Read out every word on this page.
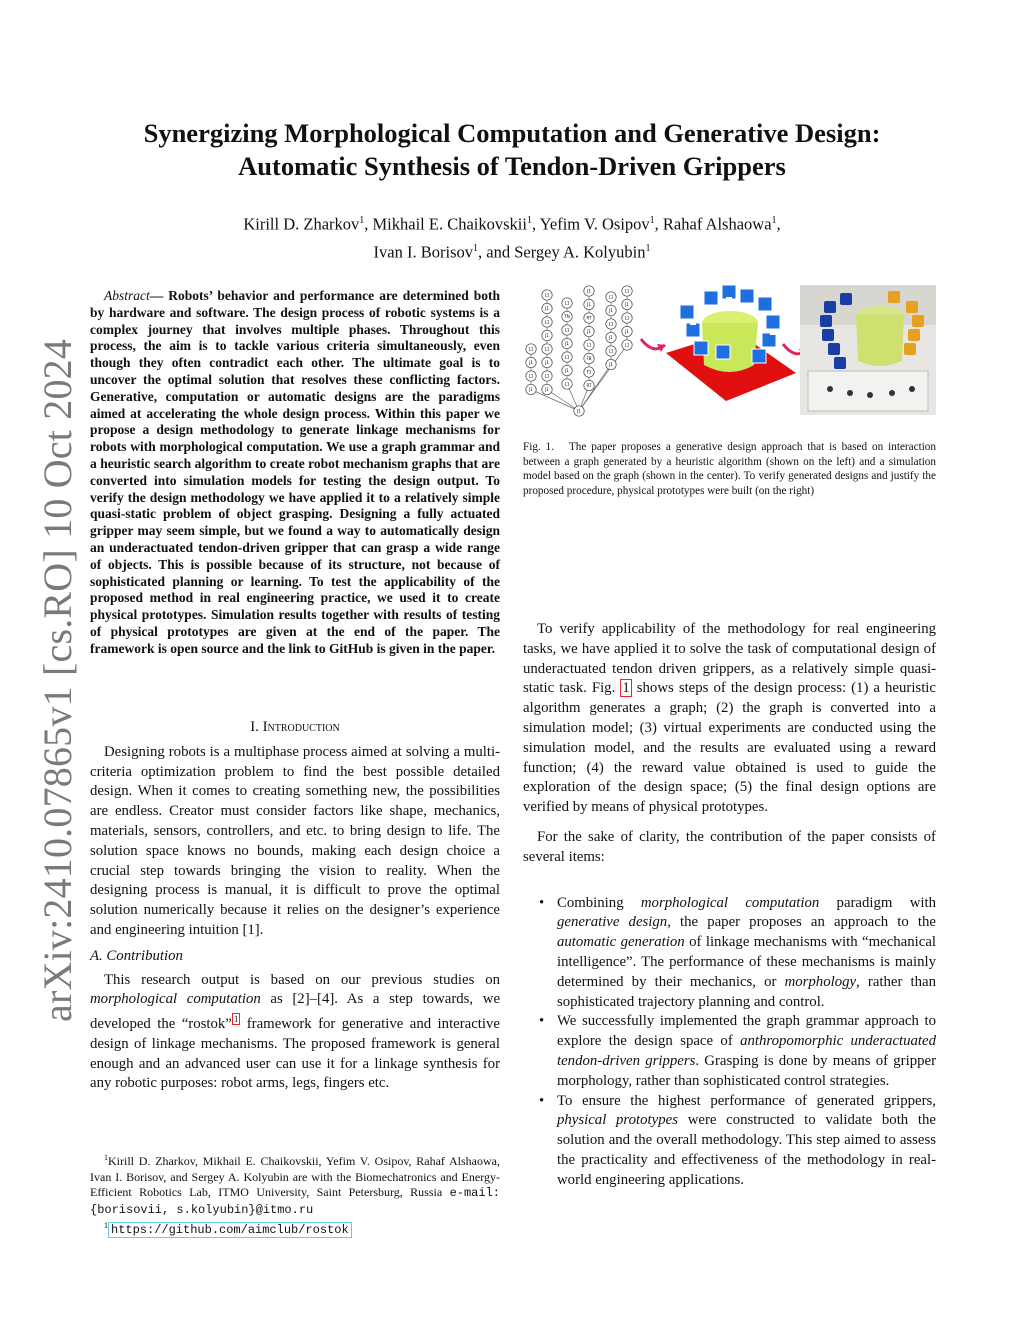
arXiv:2410.07865v1 [cs.RO] 10 Oct 2024
Synergizing Morphological Computation and Generative Design:
Automatic Synthesis of Tendon-Driven Grippers
Kirill D. Zharkov$^1$, Mikhail E. Chaikovskii$^1$, Yefim V. Osipov$^1$, Rahaf Alshaowa$^1$,
Ivan I. Borisov$^1$, and Sergey A. Kolyubin$^1$
Abstract— Robots’ behavior and performance are determined both by hardware and software. The design process of robotic systems is a complex journey that involves multiple phases. Throughout this process, the aim is to tackle various criteria simultaneously, even though they often contradict each other. The ultimate goal is to uncover the optimal solution that resolves these conflicting factors. Generative, computation or automatic designs are the paradigms aimed at accelerating the whole design process. Within this paper we propose a design methodology to generate linkage mechanisms for robots with morphological computation. We use a graph grammar and a heuristic search algorithm to create robot mechanism graphs that are converted into simulation models for testing the design output. To verify the design methodology we have applied it to a relatively simple quasi-static problem of object grasping. Designing a fully actuated gripper may seem simple, but we found a way to automatically design an underactuated tendon-driven gripper that can grasp a wide range of objects. This is possible because of its structure, not because of sophisticated planning or learning. To test the applicability of the proposed method in real engineering practice, we used it to create physical prototypes. Simulation results together with results of testing of physical prototypes are given at the end of the paper. The framework is open source and the link to GitHub is given in the paper.

I. Introduction

Designing robots is a multiphase process aimed at solving a multi-criteria optimization problem to find the best possible detailed design. When it comes to creating something new, the possibilities are endless. Creator must consider factors like shape, mechanics, materials, sensors, controllers, and etc. to bring design to life. The solution space knows no bounds, making each design choice a crucial step towards bringing the vision to reality. When the designing process is manual, it is difficult to prove the optimal solution numerically because it relies on the designer’s experience and engineering intuition [1].

A. Contribution

This research output is based on our previous studies on morphological computation as [2]–[4]. As a step towards, we developed the “rostok” $^1$ framework for generative and interactive design of linkage mechanisms. The proposed framework is general enough and an advanced user can use it for a linkage synthesis for any robotic purposes: robot arms, legs, fingers etc.

$^1$Kirill D. Zharkov, Mikhail E. Chaikovskii, Yefim V. Osipov, Rahaf Alshaowa, Ivan I. Borisov, and Sergey A. Kolyubin are with the Biomechatronics and Energy-Efficient Robotics Lab, ITMO University, Saint Petersburg, Russia e-mail: {borisovii, s.kolyubin}@itmo.ru

$^1$ https://github.com/aimclub/rostok

L1
J1
L1
J1
L1
J1
L1
J1
L1
J1
L1
J1
L1
TN
L1
J1
L1
J1
L1
J1
J1
RT
J1
L1
FB
F1
RT
L1
J1
L1
J1
L1
J1
L1
J1
L1
J1
L1
J1
Fig. 1. The paper proposes a generative design approach that is based on interaction between a graph generated by a heuristic algorithm (shown on the left) and a simulation model based on the graph (shown in the center). To verify generated designs and justify the proposed procedure, physical prototypes were built (on the right)

To verify applicability of the methodology for real engineering tasks, we have applied it to solve the task of computational design of underactuated tendon driven grippers, as a relatively simple quasi-static task. Fig. 1 shows steps of the design process: (1) a heuristic algorithm generates a graph; (2) the graph is converted into a simulation model; (3) virtual experiments are conducted using the simulation model, and the results are evaluated using a reward function; (4) the reward value obtained is used to guide the exploration of the design space; (5) the final design options are verified by means of physical prototypes.

For the sake of clarity, the contribution of the paper consists of several items:

• Combining morphological computation paradigm with generative design, the paper proposes an approach to the automatic generation of linkage mechanisms with “mechanical intelligence”. The performance of these mechanisms is mainly determined by their mechanics, or morphology, rather than sophisticated trajectory planning and control.
• We successfully implemented the graph grammar approach to explore the design space of anthropomorphic underactuated tendon-driven grippers. Grasping is done by means of gripper morphology, rather than sophisticated control strategies.
• To ensure the highest performance of generated grippers, physical prototypes were constructed to validate both the solution and the overall methodology. This step aimed to assess the practicality and effectiveness of the methodology in real-world engineering applications.
